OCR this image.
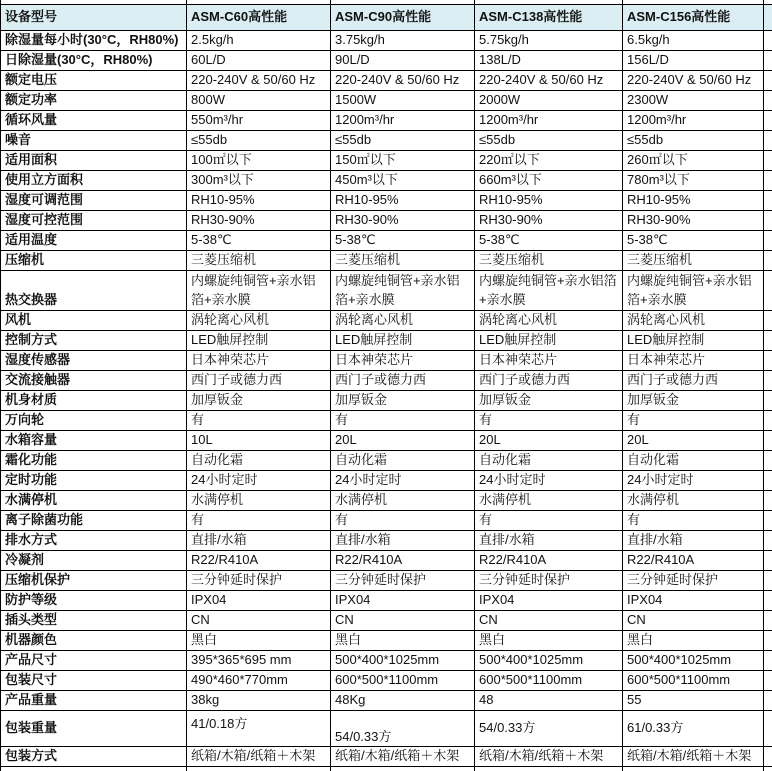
设备型号	ASM-C60高性能	ASM-C90高性能	ASM-C138高性能	ASM-C156高性能	
除湿量每小时(30°C，RH80%)	2.5kg/h	3.75kg/h	5.75kg/h	6.5kg/h	
日除湿量(30°C，RH80%)	60L/D	90L/D	138L/D	156L/D	
额定电压	220-240V & 50/60 Hz	220-240V & 50/60 Hz	220-240V & 50/60 Hz	220-240V & 50/60 Hz	
额定功率	800W	1500W	2000W	2300W	
循环风量	550m³/hr	1200m³/hr	1200m³/hr	1200m³/hr	
噪音	≤55db	≤55db	≤55db	≤55db	
适用面积	100㎡以下	150㎡以下	220㎡以下	260㎡以下	
使用立方面积	300m³以下	450m³以下	660m³以下	780m³以下	
湿度可调范围	RH10-95%	RH10-95%	RH10-95%	RH10-95%	
湿度可控范围	RH30-90%	RH30-90%	RH30-90%	RH30-90%	
适用温度	5-38℃	5-38℃	5-38℃	5-38℃	
压缩机	三菱压缩机	三菱压缩机	三菱压缩机	三菱压缩机	
热交换器	内螺旋纯铜管+亲水铝箔+亲水膜	内螺旋纯铜管+亲水铝箔+亲水膜	内螺旋纯铜管+亲水铝箔+亲水膜	内螺旋纯铜管+亲水铝箔+亲水膜	
风机	涡轮离心风机	涡轮离心风机	涡轮离心风机	涡轮离心风机	
控制方式	LED触屏控制	LED触屏控制	LED触屏控制	LED触屏控制	
湿度传感器	日本神荣芯片	日本神荣芯片	日本神荣芯片	日本神荣芯片	
交流接触器	西门子或德力西	西门子或德力西	西门子或德力西	西门子或德力西	
机身材质	加厚钣金	加厚钣金	加厚钣金	加厚钣金	
万向轮	有	有	有	有	
水箱容量	10L	20L	20L	20L	
霜化功能	自动化霜	自动化霜	自动化霜	自动化霜	
定时功能	24小时定时	24小时定时	24小时定时	24小时定时	
水满停机	水满停机	水满停机	水满停机	水满停机	
离子除菌功能	有	有	有	有	
排水方式	直排/水箱	直排/水箱	直排/水箱	直排/水箱	
冷凝剂	R22/R410A	R22/R410A	R22/R410A	R22/R410A	
压缩机保护	三分钟延时保护	三分钟延时保护	三分钟延时保护	三分钟延时保护	
防护等级	IPX04	IPX04	IPX04	IPX04	
插头类型	CN	CN	CN	CN	
机器颜色	黑白	黑白	黑白	黑白	
产品尺寸	395*365*695 mm	500*400*1025mm	500*400*1025mm	500*400*1025mm	
包装尺寸	490*460*770mm	600*500*1100mm	600*500*1100mm	600*500*1100mm	
产品重量	38kg	48Kg	48	55	
包装重量	41/0.18方	54/0.33方	54/0.33方	61/0.33方	
包装方式	纸箱/木箱/纸箱＋木架	纸箱/木箱/纸箱＋木架	纸箱/木箱/纸箱＋木架	纸箱/木箱/纸箱＋木架	
